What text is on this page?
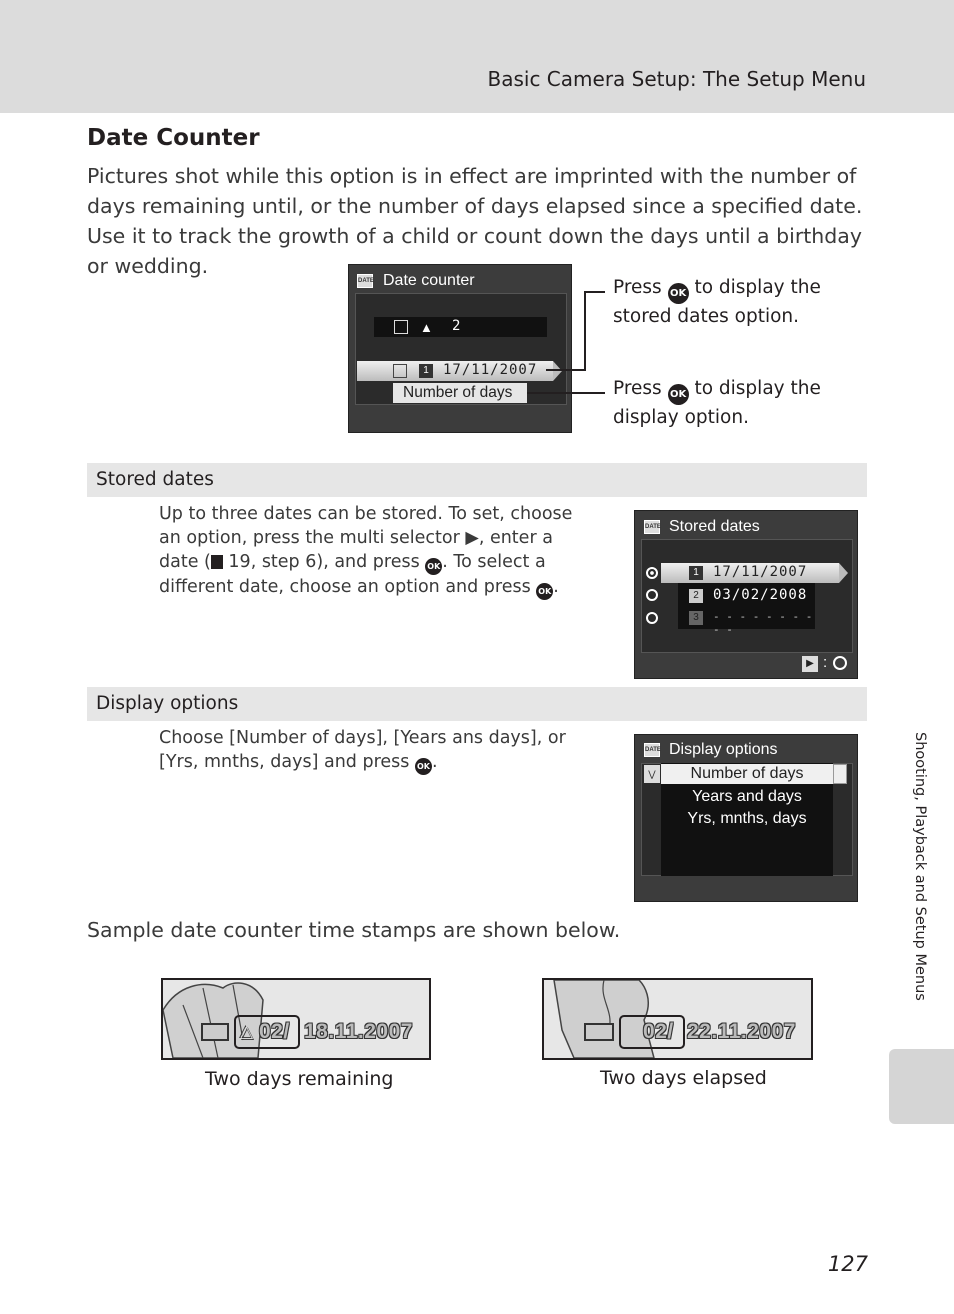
Basic Camera Setup: The Setup Menu
Date Counter
Pictures shot while this option is in effect are imprinted with the number of days remaining until, or the number of days elapsed since a specified date. Use it to track the growth of a child or count down the days until a birthday or wedding.
DATE Date counter
▲ 2
1	17/11/2007
Number of days
Press OK to display the stored dates option.
Press OK to display the display option.
Stored dates
Up to three dates can be stored. To set, choose an option, press the multi selector ▶, enter a date ( 19, step 6), and press OK . To select a different date, choose an option and press OK .
DATE Stored dates
1	17/11/2007
2	03/02/2008
3	- - - - - - - - - -
▶ :
Display options
Choose [Number of days], [Years ans days], or [Yrs, mnths, days] and press OK .
DATE Display options
⋁	Number of days
Years and days
Yrs, mnths, days
Sample date counter time stamps are shown below.
△ 02/ 18.11.2007
Two days remaining
02/ 22.11.2007
Two days elapsed
Shooting, Playback and Setup Menus
127
